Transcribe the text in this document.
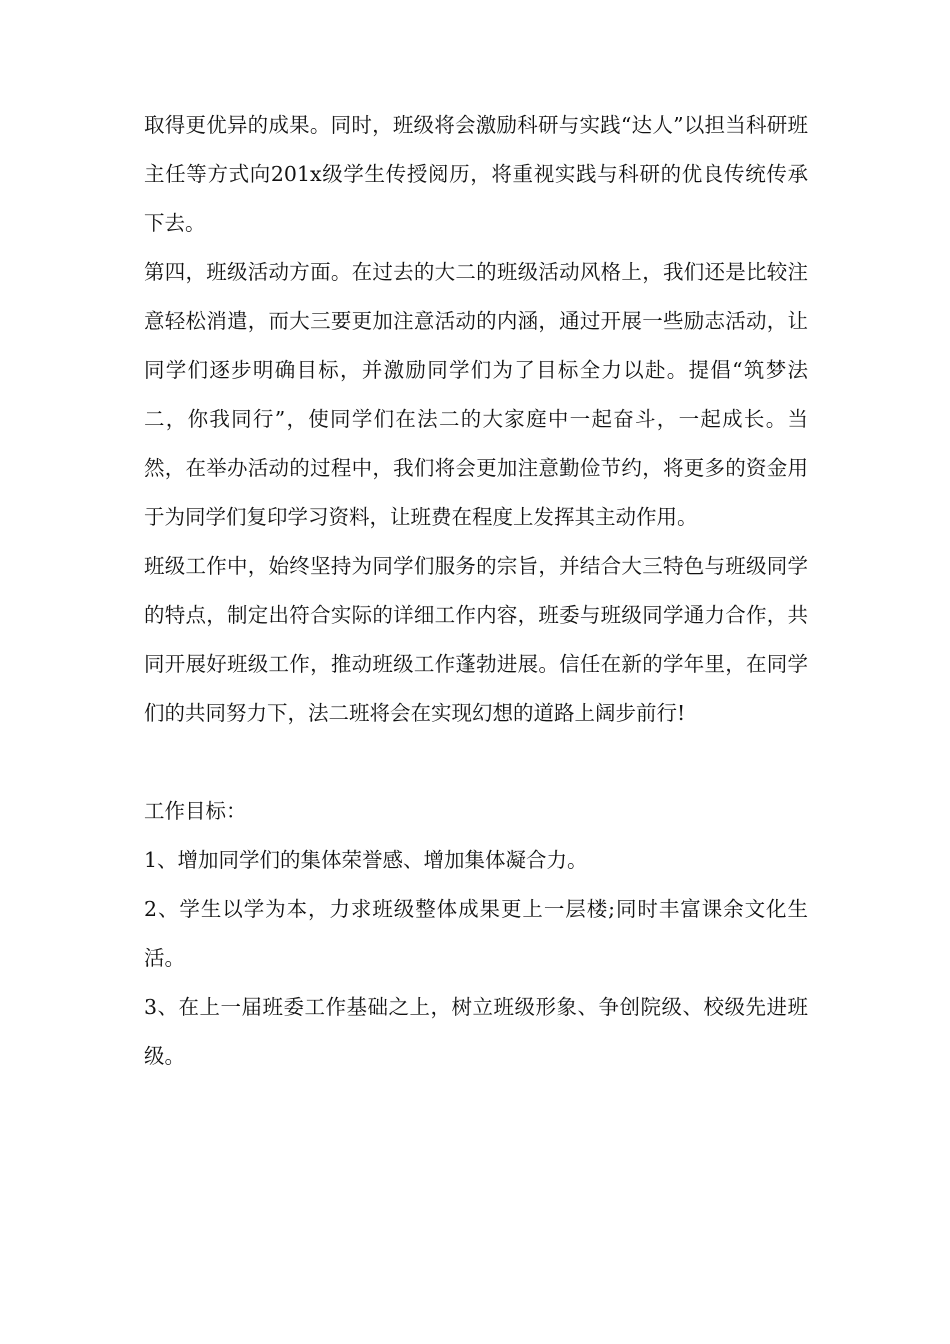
取得更优异的成果。同时，班级将会激励科研与实践“达人”以担当科研班主任等方式向201x级学生传授阅历，将重视实践与科研的优良传统传承下去。

第四，班级活动方面。在过去的大二的班级活动风格上，我们还是比较注意轻松消遣，而大三要更加注意活动的内涵，通过开展一些励志活动，让同学们逐步明确目标，并激励同学们为了目标全力以赴。提倡“筑梦法二，你我同行”，使同学们在法二的大家庭中一起奋斗，一起成长。当然，在举办活动的过程中，我们将会更加注意勤俭节约，将更多的资金用于为同学们复印学习资料，让班费在程度上发挥其主动作用。

班级工作中，始终坚持为同学们服务的宗旨，并结合大三特色与班级同学的特点，制定出符合实际的详细工作内容，班委与班级同学通力合作，共同开展好班级工作，推动班级工作蓬勃进展。信任在新的学年里，在同学们的共同努力下，法二班将会在实现幻想的道路上阔步前行!

工作目标：

1、增加同学们的集体荣誉感、增加集体凝合力。

2、学生以学为本，力求班级整体成果更上一层楼;同时丰富课余文化生活。

3、在上一届班委工作基础之上，树立班级形象、争创院级、校级先进班级。
